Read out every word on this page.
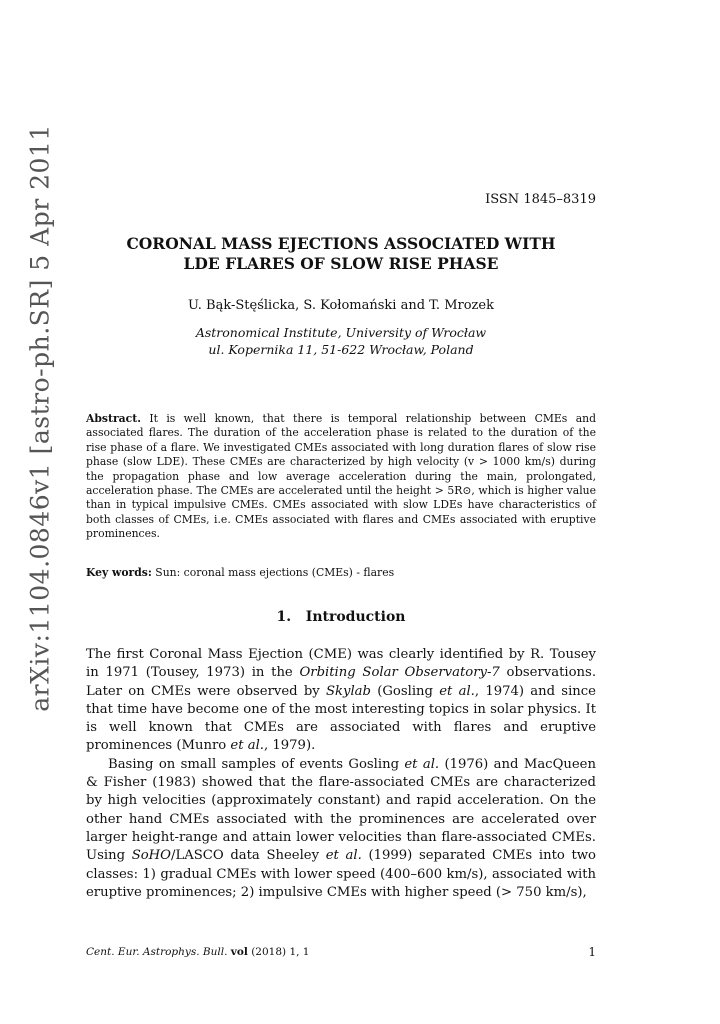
arXiv:1104.0846v1 [astro-ph.SR] 5 Apr 2011	ISSN 1845–8319
CORONAL MASS EJECTIONS ASSOCIATED WITH
LDE FLARES OF SLOW RISE PHASE
U. Bąk-Stęślicka, S. Kołomański and T. Mrozek
Astronomical Institute, University of Wrocław
ul. Kopernika 11, 51-622 Wrocław, Poland

Abstract. It is well known, that there is temporal relationship between CMEs and associated flares. The duration of the acceleration phase is related to the duration of the rise phase of a flare. We investigated CMEs associated with long duration flares of slow rise phase (slow LDE). These CMEs are characterized by high velocity (v > 1000 km/s) during the propagation phase and low average acceleration during the main, prolongated, acceleration phase. The CMEs are accelerated until the height > 5R⊙, which is higher value than in typical impulsive CMEs. CMEs associated with slow LDEs have characteristics of both classes of CMEs, i.e. CMEs associated with flares and CMEs associated with eruptive prominences.

Key words: Sun: coronal mass ejections (CMEs) - flares

1. Introduction

The first Coronal Mass Ejection (CME) was clearly identified by R. Tousey in 1971 (Tousey, 1973) in the Orbiting Solar Observatory-7 observations. Later on CMEs were observed by Skylab (Gosling et al., 1974) and since that time have become one of the most interesting topics in solar physics. It is well known that CMEs are associated with flares and eruptive prominences (Munro et al., 1979).

Basing on small samples of events Gosling et al. (1976) and MacQueen & Fisher (1983) showed that the flare-associated CMEs are characterized by high velocities (approximately constant) and rapid acceleration. On the other hand CMEs associated with the prominences are accelerated over larger height-range and attain lower velocities than flare-associated CMEs. Using SoHO/LASCO data Sheeley et al. (1999) separated CMEs into two classes: 1) gradual CMEs with lower speed (400–600 km/s), associated with eruptive prominences; 2) impulsive CMEs with higher speed (> 750 km/s),

Cent. Eur. Astrophys. Bull. vol (2018) 1, 1	1
